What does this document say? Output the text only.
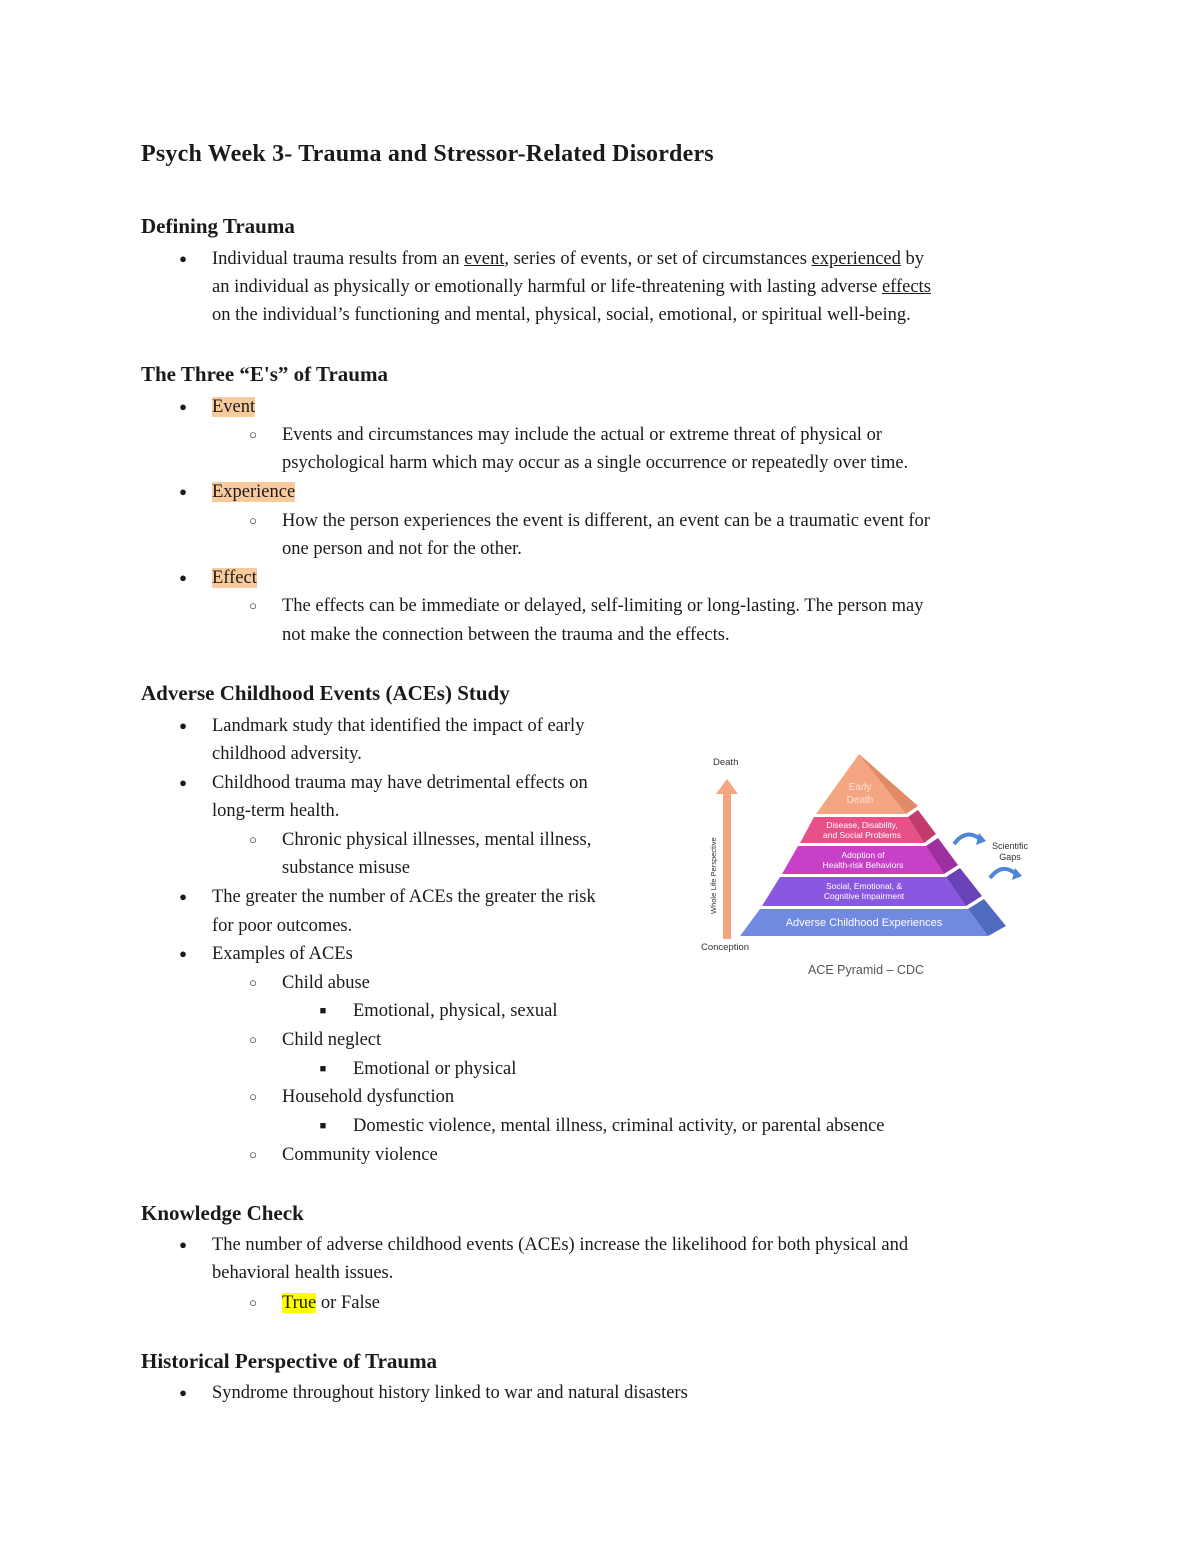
Psych Week 3- Trauma and Stressor-Related Disorders
Defining Trauma
●	Individual trauma results from an event, series of events, or set of circumstances experienced by
an individual as physically or emotionally harmful or life-threatening with lasting adverse effects
on the individual’s functioning and mental, physical, social, emotional, or spiritual well-being.
The Three “E's” of Trauma
●	Event
○	Events and circumstances may include the actual or extreme threat of physical or
psychological harm which may occur as a single occurrence or repeatedly over time.
●	Experience
○	How the person experiences the event is different, an event can be a traumatic event for
one person and not for the other.
●	Effect
○	The effects can be immediate or delayed, self-limiting or long-lasting. The person may
not make the connection between the trauma and the effects.
Adverse Childhood Events (ACEs) Study
●	Landmark study that identified the impact of early
childhood adversity.
●	Childhood trauma may have detrimental effects on
long-term health.
○	Chronic physical illnesses, mental illness,
substance misuse
●	The greater the number of ACEs the greater the risk
for poor outcomes.
●	Examples of ACEs
○	Child abuse
■	Emotional, physical, sexual
○	Child neglect
■	Emotional or physical
○	Household dysfunction
■	Domestic violence, mental illness, criminal activity, or parental absence
○	Community violence
Death
Conception
Whole Life Perspective
Early
Death
Disease, Disability,
and Social Problems
Adoption of
Health-risk Behaviors
Social, Emotional, &
Cognitive Impairment
Adverse Childhood Experiences
Scientific
Gaps
ACE Pyramid – CDC
Knowledge Check
●	The number of adverse childhood events (ACEs) increase the likelihood for both physical and
behavioral health issues.
○	True or False
Historical Perspective of Trauma
●	Syndrome throughout history linked to war and natural disasters
